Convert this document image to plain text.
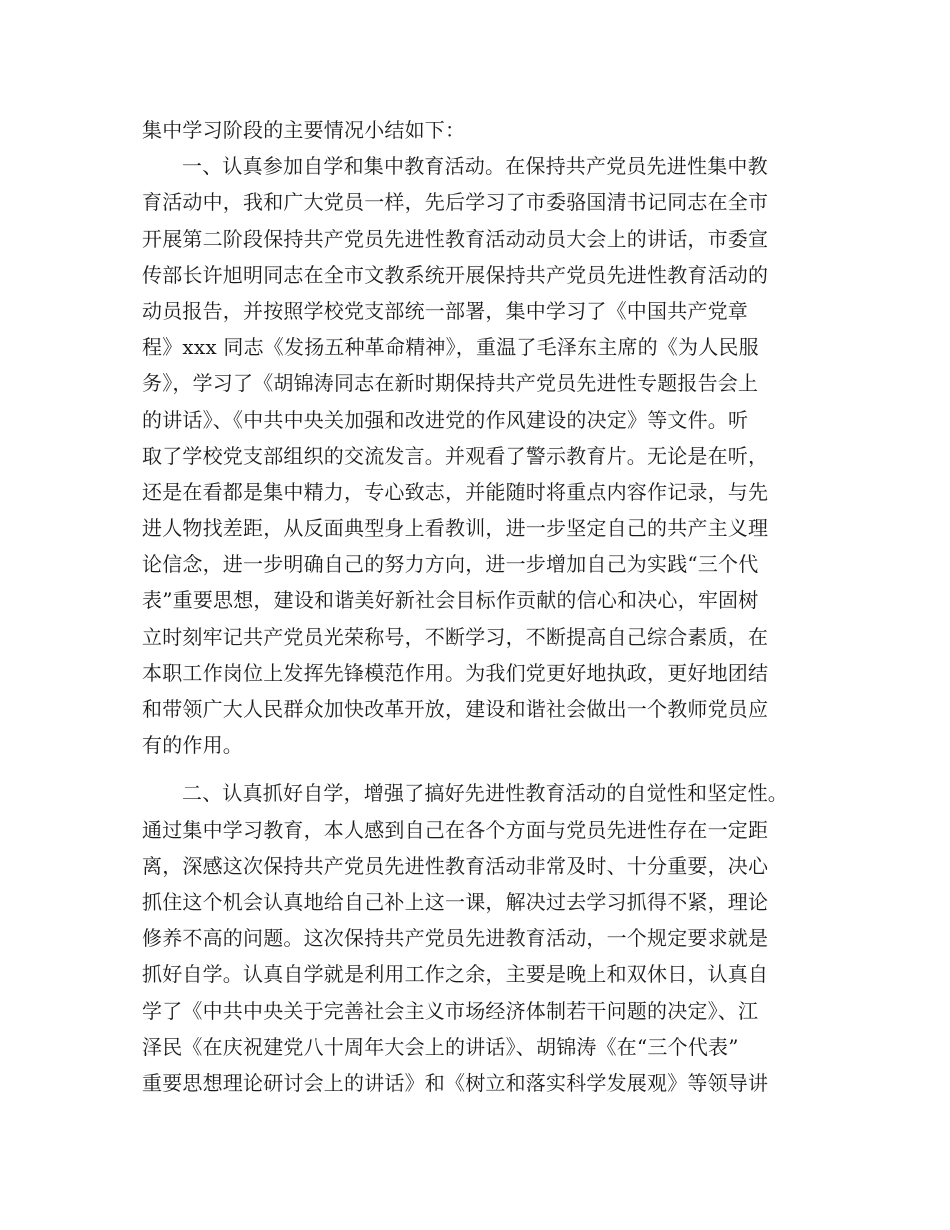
集中学习阶段的主要情况小结如下：
一、认真参加自学和集中教育活动。在保持共产党员先进性集中教
育活动中，我和广大党员一样，先后学习了市委骆国清书记同志在全市
开展第二阶段保持共产党员先进性教育活动动员大会上的讲话，市委宣
传部长许旭明同志在全市文教系统开展保持共产党员先进性教育活动的
动员报告，并按照学校党支部统一部署，集中学习了《中国共产党章
程》xxx 同志《发扬五种革命精神》，重温了毛泽东主席的《为人民服
务》，学习了《胡锦涛同志在新时期保持共产党员先进性专题报告会上
的讲话》、《中共中央关加强和改进党的作风建设的决定》等文件。听
取了学校党支部组织的交流发言。并观看了警示教育片。无论是在听，
还是在看都是集中精力，专心致志，并能随时将重点内容作记录，与先
进人物找差距，从反面典型身上看教训，进一步坚定自己的共产主义理
论信念，进一步明确自己的努力方向，进一步增加自己为实践“三个代
表”重要思想，建设和谐美好新社会目标作贡献的信心和决心，牢固树
立时刻牢记共产党员光荣称号，不断学习，不断提高自己综合素质，在
本职工作岗位上发挥先锋模范作用。为我们党更好地执政，更好地团结
和带领广大人民群众加快改革开放，建设和谐社会做出一个教师党员应
有的作用。
二、认真抓好自学，增强了搞好先进性教育活动的自觉性和坚定性。
通过集中学习教育，本人感到自己在各个方面与党员先进性存在一定距
离，深感这次保持共产党员先进性教育活动非常及时、十分重要，决心
抓住这个机会认真地给自己补上这一课，解决过去学习抓得不紧，理论
修养不高的问题。这次保持共产党员先进教育活动，一个规定要求就是
抓好自学。认真自学就是利用工作之余，主要是晚上和双休日，认真自
学了《中共中央关于完善社会主义市场经济体制若干问题的决定》、江
泽民《在庆祝建党八十周年大会上的讲话》、胡锦涛《在“三个代表”
重要思想理论研讨会上的讲话》和《树立和落实科学发展观》等领导讲
